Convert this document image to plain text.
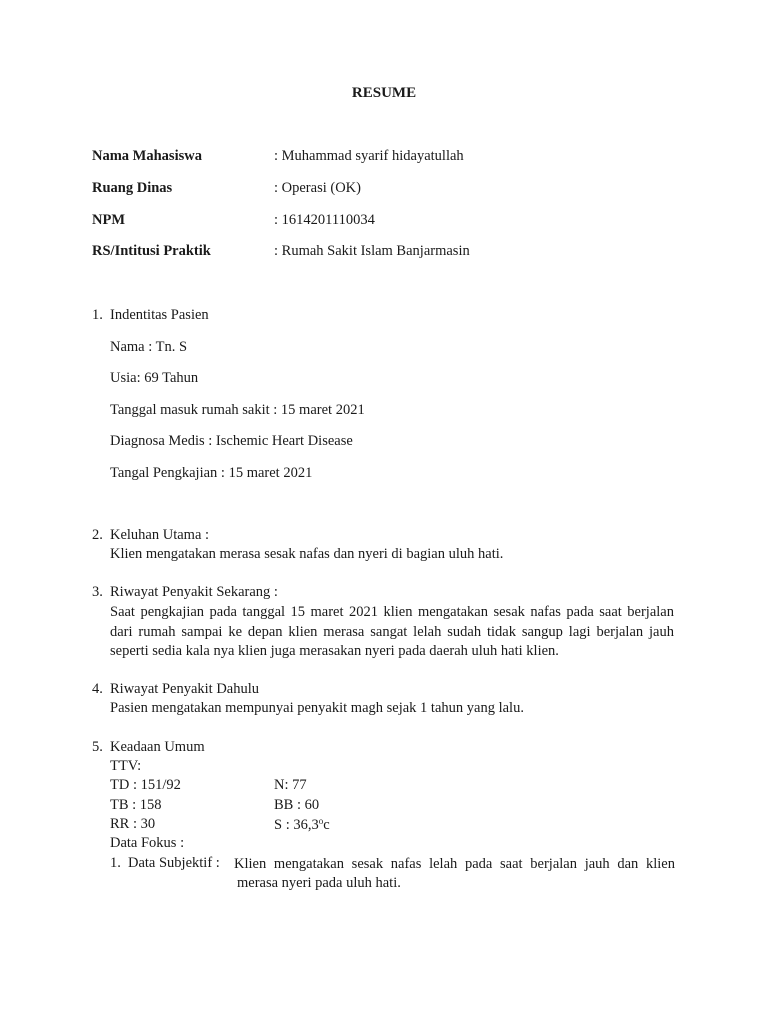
RESUME
Nama Mahasiswa	: Muhammad syarif hidayatullah
Ruang Dinas	: Operasi (OK)
NPM	: 1614201110034
RS/Intitusi Praktik	: Rumah Sakit Islam Banjarmasin
1. Indentitas Pasien
Nama : Tn. S
Usia: 69 Tahun
Tanggal masuk rumah sakit : 15 maret 2021
Diagnosa Medis : Ischemic Heart Disease
Tangal Pengkajian : 15 maret 2021
2. Keluhan Utama :
Klien mengatakan merasa sesak nafas dan nyeri di bagian uluh hati.
3. Riwayat Penyakit Sekarang :
Saat pengkajian pada tanggal 15 maret 2021 klien mengatakan sesak nafas pada saat berjalan dari rumah sampai ke depan klien merasa sangat lelah sudah tidak sangup lagi berjalan jauh seperti sedia kala nya klien juga merasakan nyeri pada daerah uluh hati klien.
4. Riwayat Penyakit Dahulu
Pasien mengatakan mempunyai penyakit magh sejak 1 tahun yang lalu.
5. Keadaan Umum
TTV:
TD : 151/92	N: 77
TB : 158	BB : 60
RR : 30	S : 36,3$^o$c
Data Fokus :
1. Data Subjektif : Klien mengatakan sesak nafas lelah pada saat berjalan jauh dan klien merasa nyeri pada uluh hati.
